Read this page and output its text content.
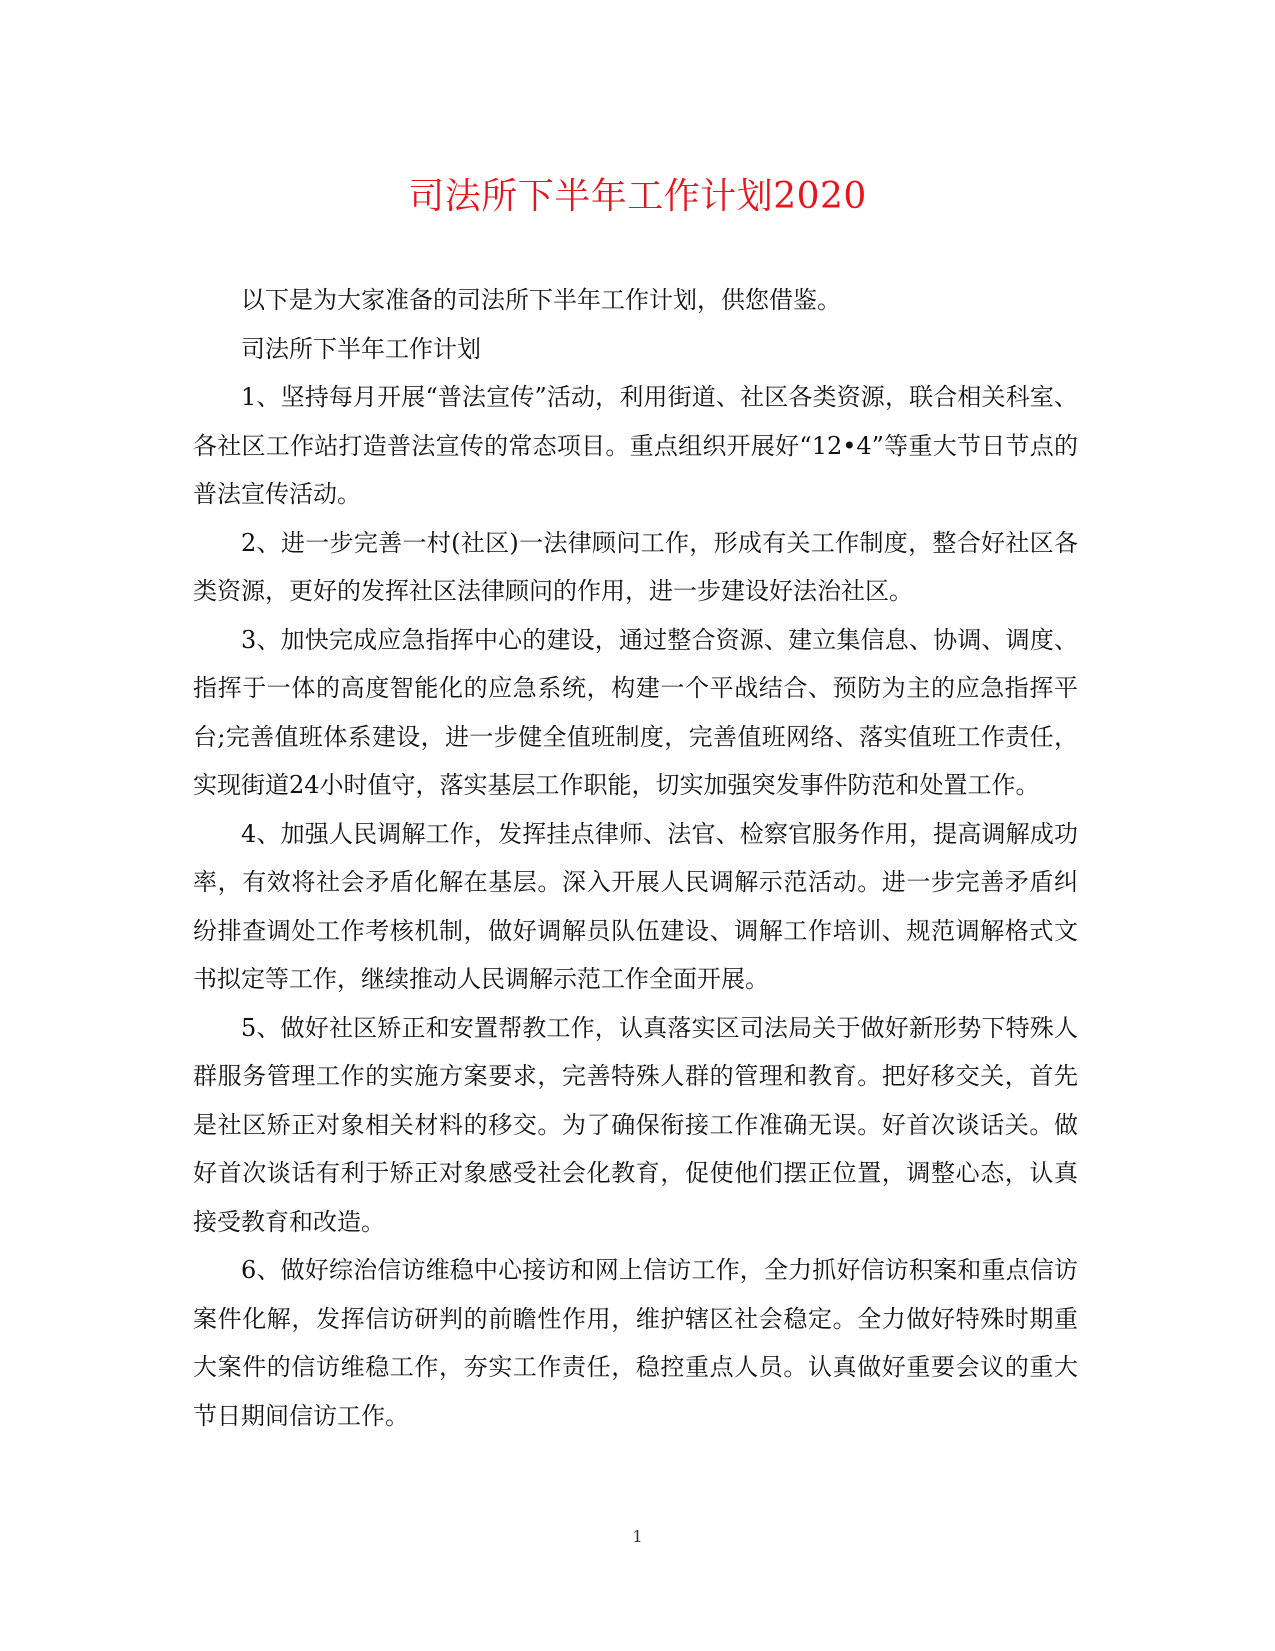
司法所下半年工作计划2020

以下是为大家准备的司法所下半年工作计划，供您借鉴。

司法所下半年工作计划

1、坚持每月开展“普法宣传”活动，利用街道、社区各类资源，联合相关科室、各社区工作站打造普法宣传的常态项目。重点组织开展好“12•4”等重大节日节点的普法宣传活动。

2、进一步完善一村(社区)一法律顾问工作，形成有关工作制度，整合好社区各类资源，更好的发挥社区法律顾问的作用，进一步建设好法治社区。

3、加快完成应急指挥中心的建设，通过整合资源、建立集信息、协调、调度、指挥于一体的高度智能化的应急系统，构建一个平战结合、预防为主的应急指挥平台;完善值班体系建设，进一步健全值班制度，完善值班网络、落实值班工作责任，实现街道24小时值守，落实基层工作职能，切实加强突发事件防范和处置工作。

4、加强人民调解工作，发挥挂点律师、法官、检察官服务作用，提高调解成功率，有效将社会矛盾化解在基层。深入开展人民调解示范活动。进一步完善矛盾纠纷排查调处工作考核机制，做好调解员队伍建设、调解工作培训、规范调解格式文书拟定等工作，继续推动人民调解示范工作全面开展。

5、做好社区矫正和安置帮教工作，认真落实区司法局关于做好新形势下特殊人群服务管理工作的实施方案要求，完善特殊人群的管理和教育。把好移交关，首先是社区矫正对象相关材料的移交。为了确保衔接工作准确无误。好首次谈话关。做好首次谈话有利于矫正对象感受社会化教育，促使他们摆正位置，调整心态，认真接受教育和改造。

6、做好综治信访维稳中心接访和网上信访工作，全力抓好信访积案和重点信访案件化解，发挥信访研判的前瞻性作用，维护辖区社会稳定。全力做好特殊时期重大案件的信访维稳工作，夯实工作责任，稳控重点人员。认真做好重要会议的重大节日期间信访工作。

1
